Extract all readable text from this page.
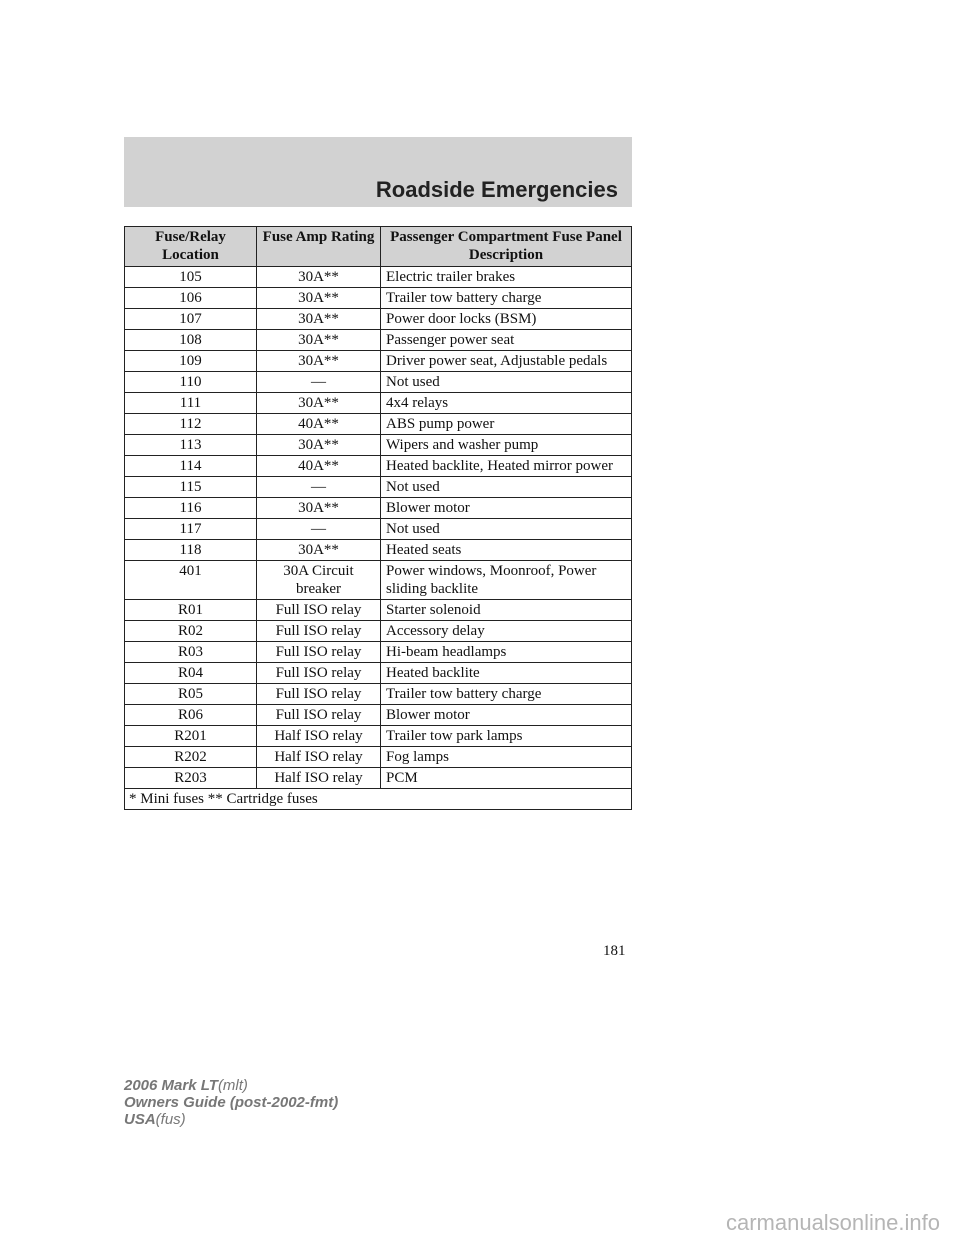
Roadside Emergencies
Fuse/Relay Location	Fuse Amp Rating	Passenger Compartment Fuse Panel Description
105	30A**	Electric trailer brakes
106	30A**	Trailer tow battery charge
107	30A**	Power door locks (BSM)
108	30A**	Passenger power seat
109	30A**	Driver power seat, Adjustable pedals
110	—	Not used
111	30A**	4x4 relays
112	40A**	ABS pump power
113	30A**	Wipers and washer pump
114	40A**	Heated backlite, Heated mirror power
115	—	Not used
116	30A**	Blower motor
117	—	Not used
118	30A**	Heated seats
401	30A Circuit breaker	Power windows, Moonroof, Power sliding backlite
R01	Full ISO relay	Starter solenoid
R02	Full ISO relay	Accessory delay
R03	Full ISO relay	Hi-beam headlamps
R04	Full ISO relay	Heated backlite
R05	Full ISO relay	Trailer tow battery charge
R06	Full ISO relay	Blower motor
R201	Half ISO relay	Trailer tow park lamps
R202	Half ISO relay	Fog lamps
R203	Half ISO relay	PCM
* Mini fuses ** Cartridge fuses		
181
2006 Mark LT(mlt)
Owners Guide (post-2002-fmt)
USA(fus)
carmanualsonline.info
